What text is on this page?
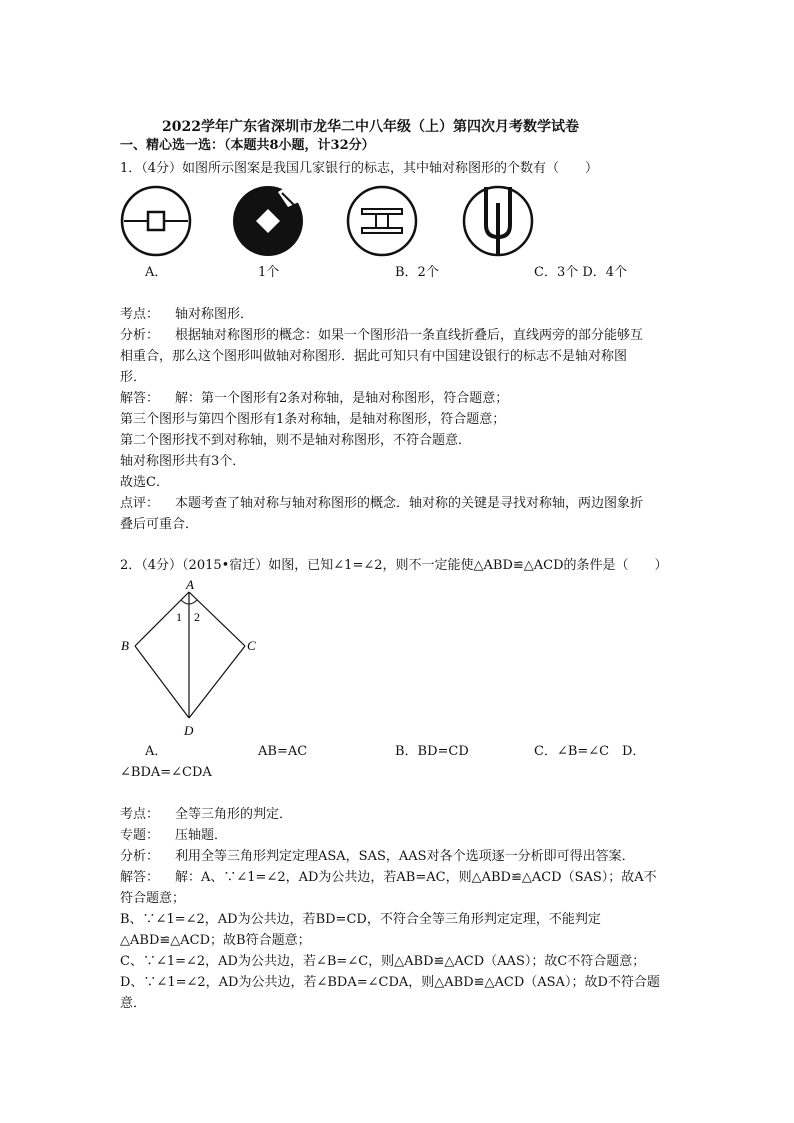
2022学年广东省深圳市龙华二中八年级（上）第四次月考数学试卷
一、精心选一选：（本题共8小题，计32分）
1．（4分）如图所示图案是我国几家银行的标志，其中轴对称图形的个数有（　　）
A．	1个	B．2个	C．3个 D．4个
考点： 轴对称图形．
分析： 根据轴对称图形的概念：如果一个图形沿一条直线折叠后，直线两旁的部分能够互
相重合，那么这个图形叫做轴对称图形．据此可知只有中国建设银行的标志不是轴对称图
形．
解答： 解：第一个图形有2条对称轴，是轴对称图形，符合题意；
第三个图形与第四个图形有1条对称轴，是轴对称图形，符合题意；
第二个图形找不到对称轴，则不是轴对称图形，不符合题意．
轴对称图形共有3个．
故选C．
点评： 本题考查了轴对称与轴对称图形的概念．轴对称的关键是寻找对称轴，两边图象折
叠后可重合．
2．（4分）（2015•宿迁）如图，已知∠1=∠2，则不一定能使△ABD≌△ACD的条件是（　　）
A
B	C
D
1 2
A．	AB=AC	B．BD=CD	C．∠B=∠C D．
∠BDA=∠CDA
考点： 全等三角形的判定．
专题： 压轴题．
分析： 利用全等三角形判定定理ASA，SAS，AAS对各个选项逐一分析即可得出答案．
解答： 解：A、∵∠1=∠2，AD为公共边，若AB=AC，则△ABD≌△ACD（SAS）；故A不
符合题意；
B、∵∠1=∠2，AD为公共边，若BD=CD，不符合全等三角形判定定理，不能判定
△ABD≌△ACD；故B符合题意；
C、∵∠1=∠2，AD为公共边，若∠B=∠C，则△ABD≌△ACD（AAS）；故C不符合题意；
D、∵∠1=∠2，AD为公共边，若∠BDA=∠CDA，则△ABD≌△ACD（ASA）；故D不符合题
意．
